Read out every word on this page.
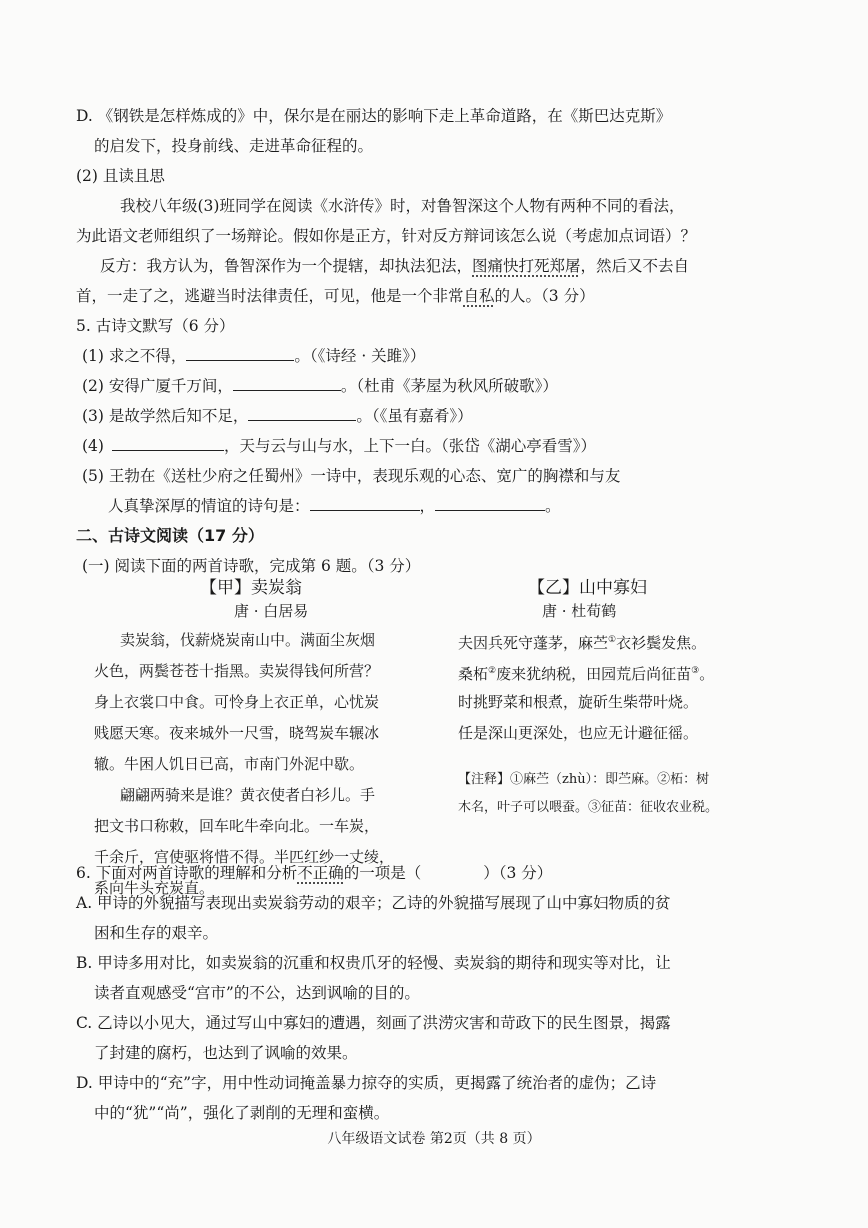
D. 《钢铁是怎样炼成的》中，保尔是在丽达的影响下走上革命道路，在《斯巴达克斯》
的启发下，投身前线、走进革命征程的。
(2) 且读且思
我校八年级(3)班同学在阅读《水浒传》时，对鲁智深这个人物有两种不同的看法，
为此语文老师组织了一场辩论。假如你是正方，针对反方辩词该怎么说（考虑加点词语）？
反方：我方认为，鲁智深作为一个提辖，却执法犯法，图痛快打死郑屠，然后又不去自
首，一走了之，逃避当时法律责任，可见，他是一个非常自私的人。（3 分）
5. 古诗文默写（6 分）
(1) 求之不得，	。（《诗经 · 关雎》）
(2) 安得广厦千万间，	。（杜甫《茅屋为秋风所破歌》）
(3) 是故学然后知不足，	。（《虽有嘉肴》）
(4)	，天与云与山与水，上下一白。（张岱《湖心亭看雪》）
(5) 王勃在《送杜少府之任蜀州》一诗中，表现乐观的心态、宽广的胸襟和与友
人真挚深厚的情谊的诗句是：	，	。
二、古诗文阅读（17 分）
(一) 阅读下面的两首诗歌，完成第 6 题。（3 分）
【甲】卖炭翁
唐 · 白居易
卖炭翁，伐薪烧炭南山中。满面尘灰烟
火色，两鬓苍苍十指黑。卖炭得钱何所营？
身上衣裳口中食。可怜身上衣正单，心忧炭
贱愿天寒。夜来城外一尺雪，晓驾炭车辗冰
辙。牛困人饥日已高，市南门外泥中歇。
翩翩两骑来是谁？黄衣使者白衫儿。手
把文书口称敕，回车叱牛牵向北。一车炭，
千余斤，宫使驱将惜不得。半匹红纱一丈绫，
系向牛头充炭直。
【乙】山中寡妇
唐 · 杜荀鹤
夫因兵死守蓬茅，麻苎①衣衫鬓发焦。
桑柘②废来犹纳税，田园荒后尚征苗③。
时挑野菜和根煮，旋斫生柴带叶烧。
任是深山更深处，也应无计避征徭。
【注释】①麻苎（zhù）：即苎麻。②柘：树
木名，叶子可以喂蚕。③征苗：征收农业税。
6. 下面对两首诗歌的理解和分析不正确的一项是（	）（3 分）
A. 甲诗的外貌描写表现出卖炭翁劳动的艰辛；乙诗的外貌描写展现了山中寡妇物质的贫
困和生存的艰辛。
B. 甲诗多用对比，如卖炭翁的沉重和权贵爪牙的轻慢、卖炭翁的期待和现实等对比，让
读者直观感受“宫市”的不公，达到讽喻的目的。
C. 乙诗以小见大，通过写山中寡妇的遭遇，刻画了洪涝灾害和苛政下的民生图景，揭露
了封建的腐朽，也达到了讽喻的效果。
D. 甲诗中的“充”字，用中性动词掩盖暴力掠夺的实质，更揭露了统治者的虚伪；乙诗
中的“犹”“尚”，强化了剥削的无理和蛮横。
八年级语文试卷 第2页（共 8 页）
